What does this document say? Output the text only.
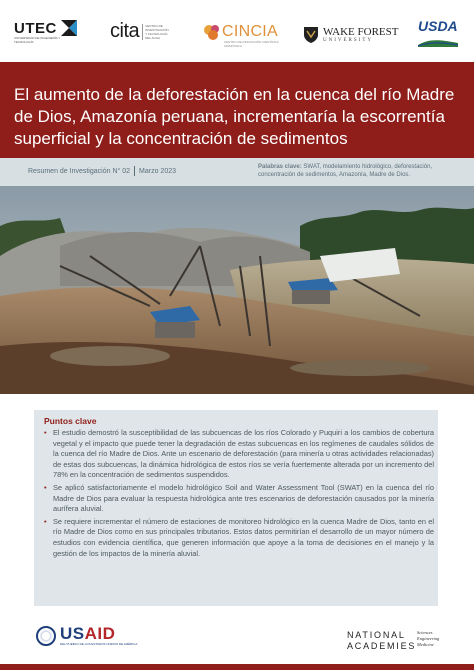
UTEC
UNIVERSIDAD DE INGENIERÍA Y TECNOLOGÍA	cita	CENTRO DE INVESTIGACIÓN Y TECNOLOGÍA DEL AGUA	CINCIA
CENTRO DE INNOVACIÓN CIENTÍFICA AMAZÓNICA
WAKE FOREST
UNIVERSITY
USDA
El aumento de la deforestación en la cuenca del río Madre de Dios, Amazonía peruana, incrementaría la escorrentía superficial y la concentración de sedimentos
Resumen de Investigación N° 02 Marzo 2023
Palabras clave: SWAT, modelamiento hidrológico, deforestación, concentración de sedimentos, Amazonía, Madre de Dios.
Puntos clave
• El estudio demostró la susceptibilidad de las subcuencas de los ríos Colorado y Puquiri a los cambios de cobertura vegetal y el impacto que puede tener la degradación de estas subcuencas en los regímenes de caudales sólidos de la cuenca del río Madre de Dios. Ante un escenario de deforestación (para minería u otras actividades relacionadas) de estas dos subcuencas, la dinámica hidrológica de estos ríos se vería fuertemente alterada por un incremento del 78% en la concentración de sedimentos suspendidos.
• Se aplicó satisfactoriamente el modelo hidrológico Soil and Water Assessment Tool (SWAT) en la cuenca del río Madre de Dios para evaluar la respuesta hidrológica ante tres escenarios de deforestación causados por la minería aurífera aluvial.
• Se requiere incrementar el número de estaciones de monitoreo hidrológico en la cuenca Madre de Dios, tanto en el río Madre de Dios como en sus principales tributarios. Estos datos permitirían el desarrollo de un mayor número de estudios con evidencia científica, que generen información que apoye a la toma de decisiones en el manejo y la gestión de los impactos de la minería aluvial.
USAID
DEL PUEBLO DE LOS ESTADOS UNIDOS DE AMÉRICA
NATIONAL ACADEMIES
Sciences
Engineering
Medicine
